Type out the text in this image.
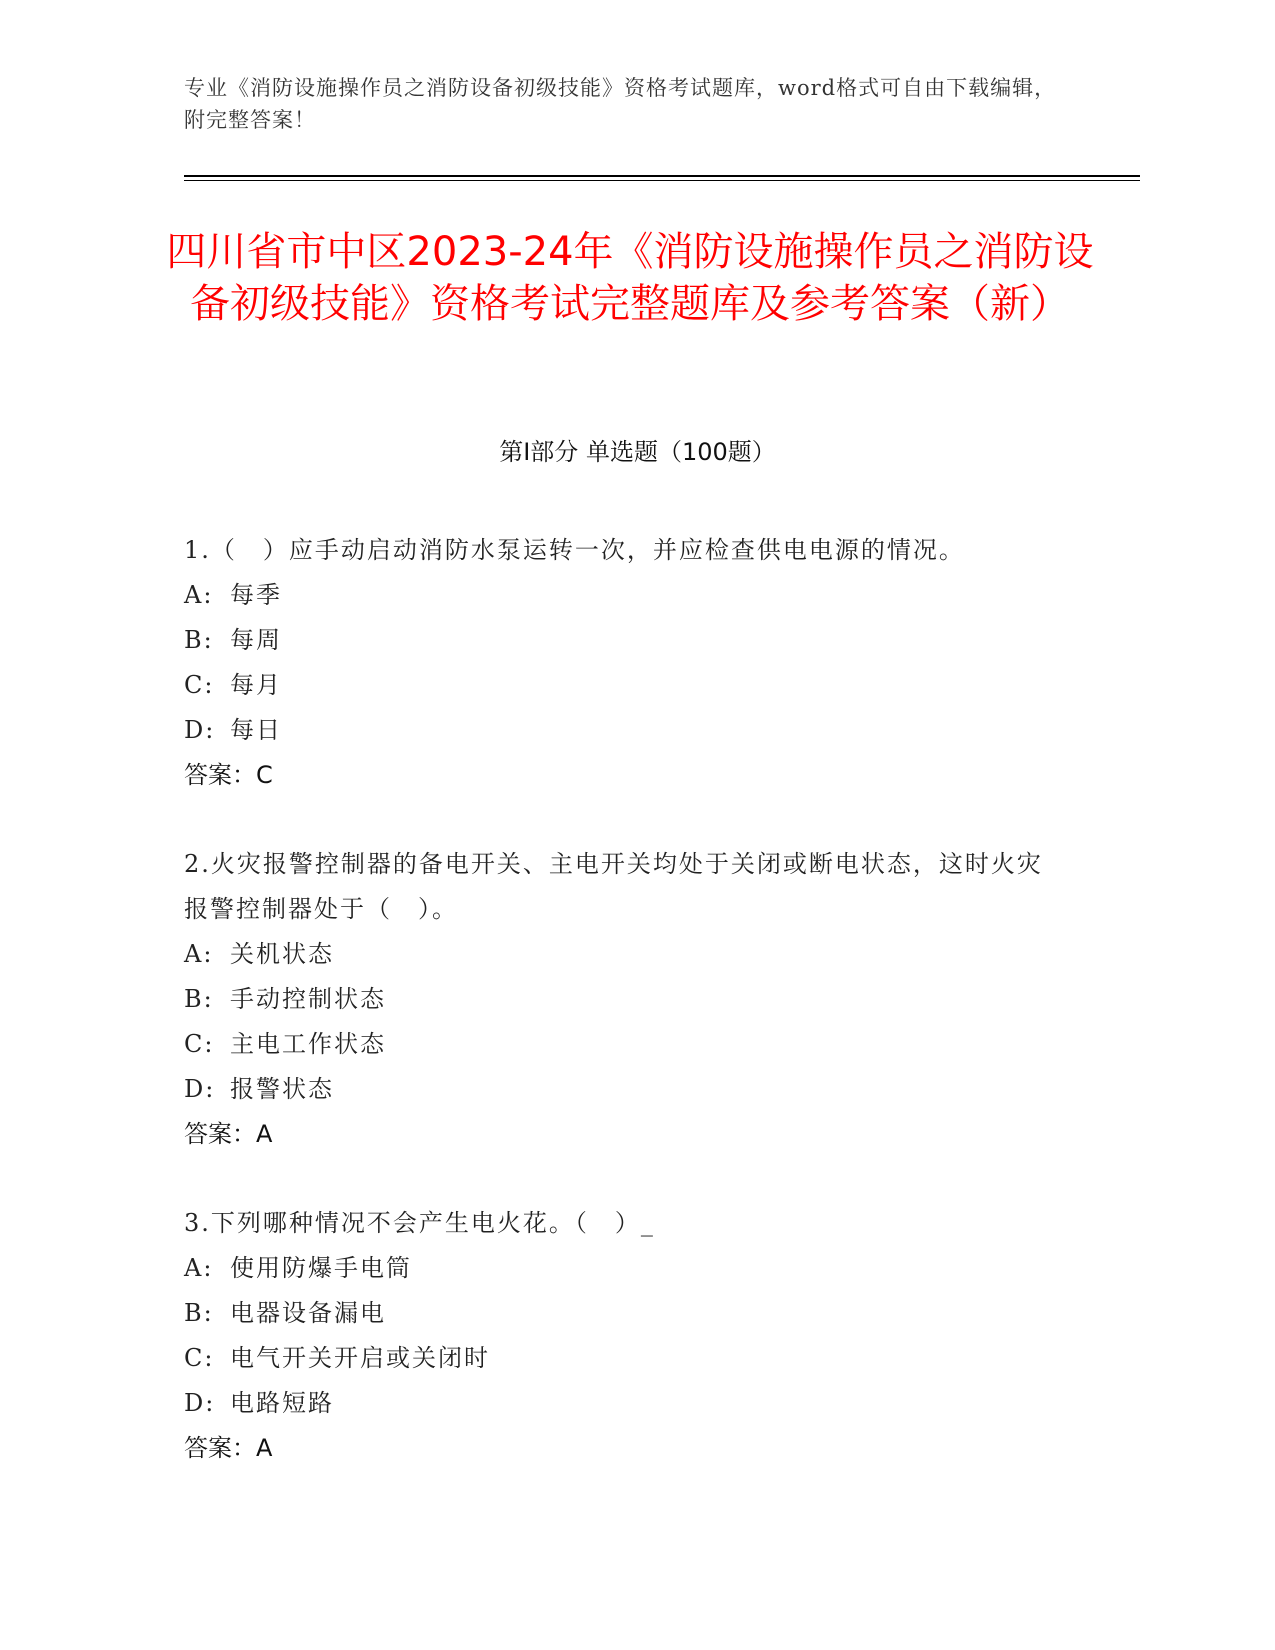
专业《消防设施操作员之消防设备初级技能》资格考试题库，word格式可自由下载编辑，附完整答案！
四川省市中区2023-24年《消防设施操作员之消防设备初级技能》资格考试完整题库及参考答案（新）
第Ⅰ部分 单选题（100题）
1.（　）应手动启动消防水泵运转一次，并应检查供电电源的情况。
A: 每季
B: 每周
C: 每月
D: 每日
答案：C
2.火灾报警控制器的备电开关、主电开关均处于关闭或断电状态，这时火灾报警控制器处于（　）。
A: 关机状态
B: 手动控制状态
C: 主电工作状态
D: 报警状态
答案：A
3.下列哪种情况不会产生电火花。（　）_
A: 使用防爆手电筒
B: 电器设备漏电
C: 电气开关开启或关闭时
D: 电路短路
答案：A
